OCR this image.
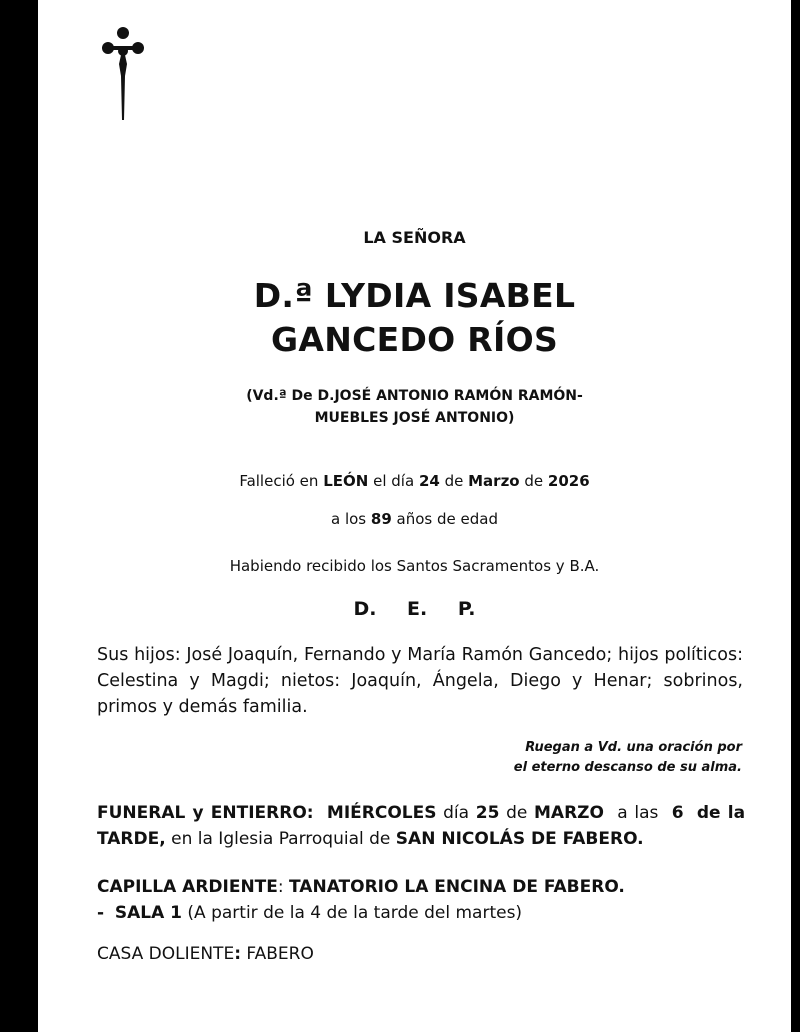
LA SEÑORA
D.ª LYDIA ISABEL
GANCEDO RÍOS
(Vd.ª De D.JOSÉ ANTONIO RAMÓN RAMÓN-
MUEBLES JOSÉ ANTONIO)
Falleció en LEÓN el día 24 de Marzo de 2026
a los 89 años de edad
Habiendo recibido los Santos Sacramentos y B.A.
D. E. P.
Sus hijos: José Joaquín, Fernando y María Ramón Gancedo; hijos políticos: Celestina y Magdi; nietos: Joaquín, Ángela, Diego y Henar; sobrinos, primos y demás familia.
Ruegan a Vd. una oración por
el eterno descanso de su alma.
FUNERAL y ENTIERRO: MIÉRCOLES día 25 de MARZO a las 6 de la TARDE, en la Iglesia Parroquial de SAN NICOLÁS DE FABERO.
CAPILLA ARDIENTE: TANATORIO LA ENCINA DE FABERO.
- SALA 1 (A partir de la 4 de la tarde del martes)
CASA DOLIENTE: FABERO
